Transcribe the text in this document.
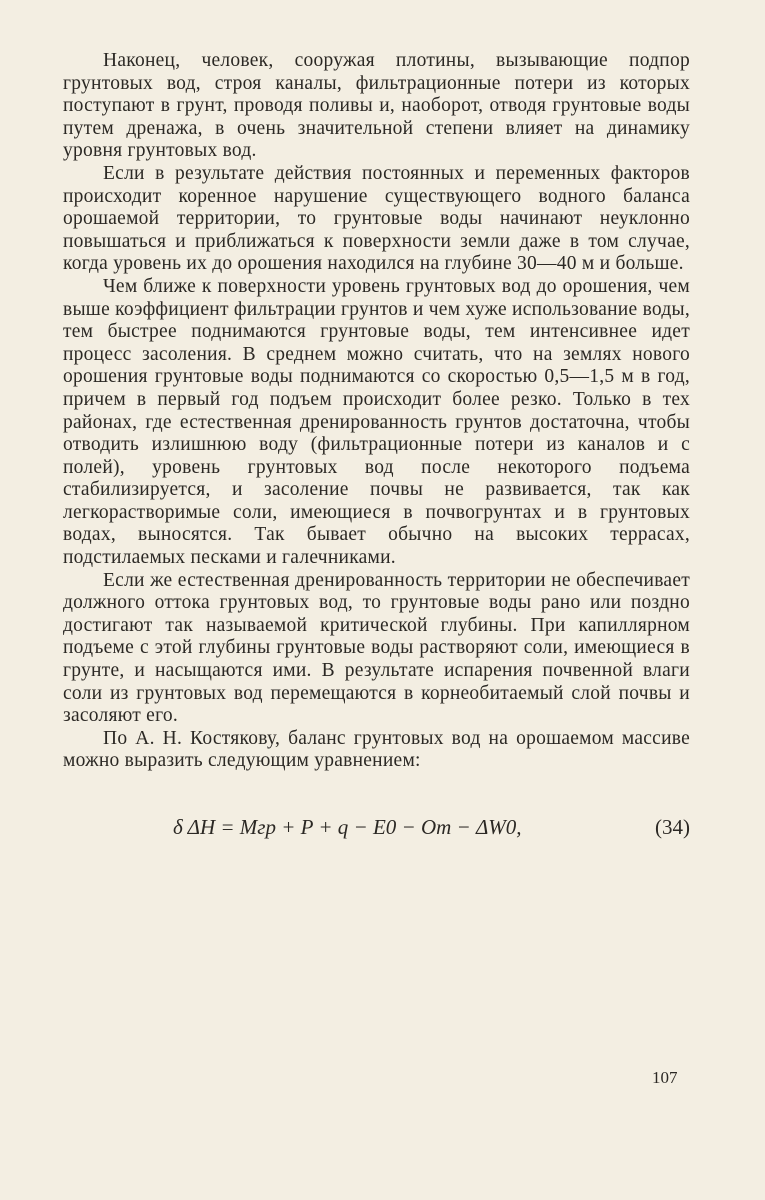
Наконец, человек, сооружая плотины, вызывающие подпор грунтовых вод, строя каналы, фильтрационные потери из которых поступают в грунт, проводя поливы и, наоборот, отводя грунтовые воды путем дренажа, в очень значительной степени влияет на динамику уровня грунтовых вод.

Если в результате действия постоянных и переменных факторов происходит коренное нарушение существующего водного баланса орошаемой территории, то грунтовые воды начинают неуклонно повышаться и приближаться к поверхности земли даже в том случае, когда уровень их до орошения находился на глубине 30—40 м и больше.

Чем ближе к поверхности уровень грунтовых вод до орошения, чем выше коэффициент фильтрации грунтов и чем хуже использование воды, тем быстрее поднимаются грунтовые воды, тем интенсивнее идет процесс засоления. В среднем можно считать, что на землях нового орошения грунтовые воды поднимаются со скоростью 0,5—1,5 м в год, причем в первый год подъем происходит более резко. Только в тех районах, где естественная дренированность грунтов достаточна, чтобы отводить излишнюю воду (фильтрационные потери из каналов и с полей), уровень грунтовых вод после некоторого подъема стабилизируется, и засоление почвы не развивается, так как легкорастворимые соли, имеющиеся в почвогрунтах и в грунтовых водах, выносятся. Так бывает обычно на высоких террасах, подстилаемых песками и галечниками.

Если же естественная дренированность территории не обеспечивает должного оттока грунтовых вод, то грунтовые воды рано или поздно достигают так называемой критической глубины. При капиллярном подъеме с этой глубины грунтовые воды растворяют соли, имеющиеся в грунте, и насыщаются ими. В результате испарения почвенной влаги соли из грунтовых вод перемещаются в корнеобитаемый слой почвы и засоляют его.

По А. Н. Костякову, баланс грунтовых вод на орошаемом массиве можно выразить следующим уравнением:

δ ΔH = Mгр + P + q − E0 − Oт − ΔW0,	(34)
107
